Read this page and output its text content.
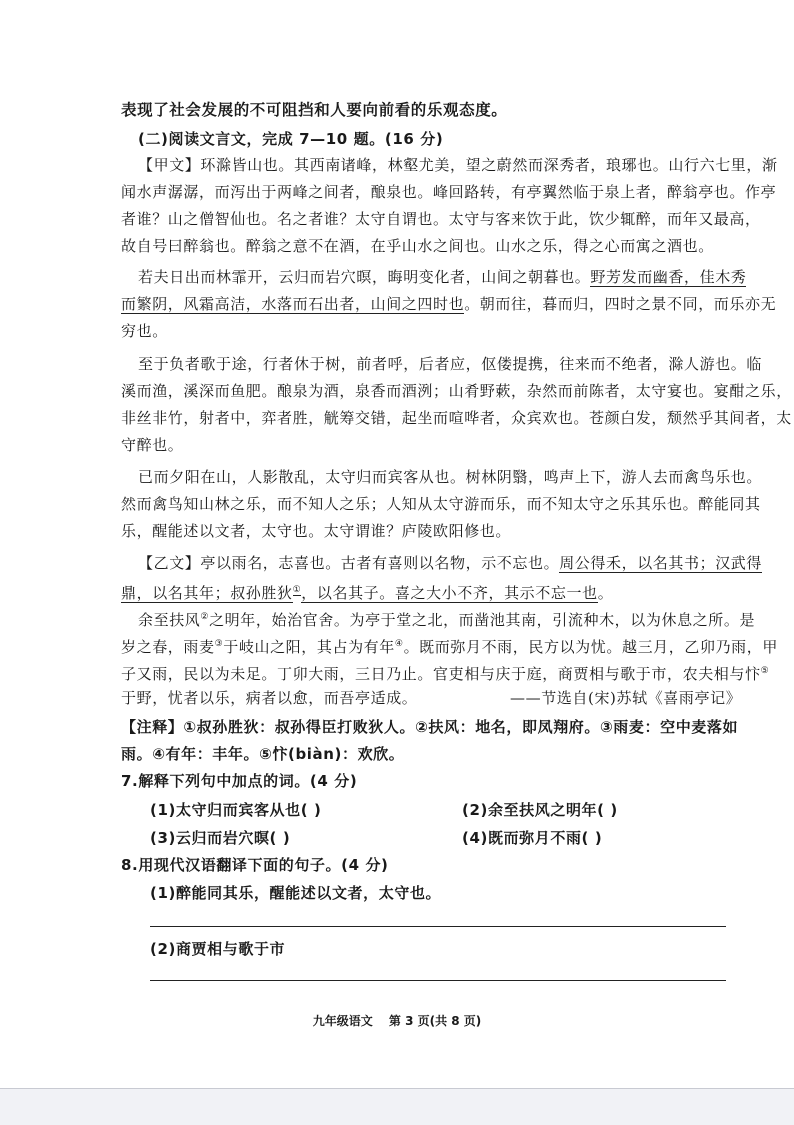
表现了社会发展的不可阻挡和人要向前看的乐观态度。
(二)阅读文言文，完成 7—10 题。(16 分)
【甲文】环滁皆山也。其西南诸峰，林壑尤美，望之蔚然而深秀者，琅琊也。山行六七里，渐
闻水声潺潺，而泻出于两峰之间者，酿泉也。峰回路转，有亭翼然临于泉上者，醉翁亭也。作亭
者谁？山之僧智仙也。名之者谁？太守自谓也。太守与客来饮于此，饮少辄醉，而年又最高，
故自号曰醉翁也。醉翁之意不在酒，在乎山水之间也。山水之乐，得之心而寓之酒也。
若夫日出而林霏开，云归而岩穴暝，晦明变化者，山间之朝暮也。野芳发而幽香，佳木秀
而繁阴，风霜高洁，水落而石出者，山间之四时也。朝而往，暮而归，四时之景不同，而乐亦无
穷也。
至于负者歌于途，行者休于树，前者呼，后者应，伛偻提携，往来而不绝者，滁人游也。临
溪而渔，溪深而鱼肥。酿泉为酒，泉香而酒洌；山肴野蔌，杂然而前陈者，太守宴也。宴酣之乐，
非丝非竹，射者中，弈者胜，觥筹交错，起坐而喧哗者，众宾欢也。苍颜白发，颓然乎其间者，太
守醉也。
已而夕阳在山，人影散乱，太守归而宾客从也。树林阴翳，鸣声上下，游人去而禽鸟乐也。
然而禽鸟知山林之乐，而不知人之乐；人知从太守游而乐，而不知太守之乐其乐也。醉能同其
乐，醒能述以文者，太守也。太守谓谁？庐陵欧阳修也。
【乙文】亭以雨名，志喜也。古者有喜则以名物，示不忘也。周公得禾，以名其书；汉武得
鼎，以名其年；叔孙胜狄①，以名其子。喜之大小不齐，其示不忘一也。
余至扶风②之明年，始治官舍。为亭于堂之北，而凿池其南，引流种木，以为休息之所。是
岁之春，雨麦③于岐山之阳，其占为有年④。既而弥月不雨，民方以为忧。越三月，乙卯乃雨，甲
子又雨，民以为未足。丁卯大雨，三日乃止。官吏相与庆于庭，商贾相与歌于市，农夫相与忭⑤
于野，忧者以乐，病者以愈，而吾亭适成。	——节选自(宋)苏轼《喜雨亭记》
【注释】①叔孙胜狄：叔孙得臣打败狄人。②扶风：地名，即凤翔府。③雨麦：空中麦落如
雨。④有年：丰年。⑤忭(biàn)：欢欣。
7.解释下列句中加点的词。(4 分)
(1)太守归而宾客从也( )	(2)余至扶风之明年( )
(3)云归而岩穴暝( )	(4)既而弥月不雨( )
8.用现代汉语翻译下面的句子。(4 分)
(1)醉能同其乐，醒能述以文者，太守也。
(2)商贾相与歌于市
九年级语文 第 3 页(共 8 页)
